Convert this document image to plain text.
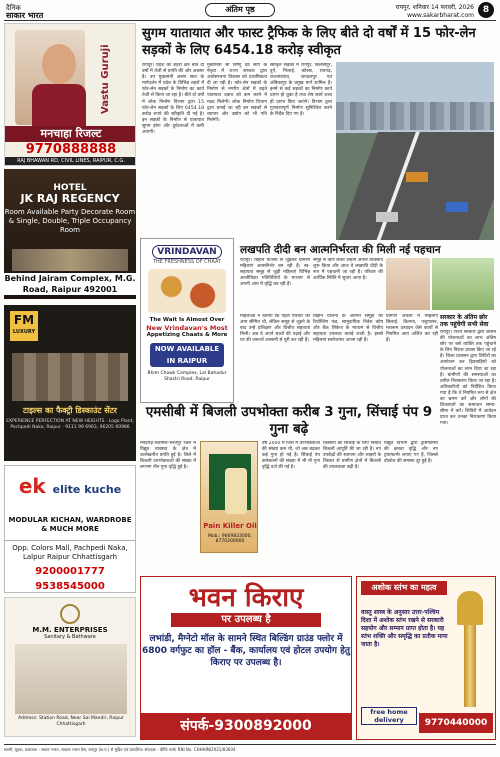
दैनिक
साकार भारत
अंतिम पृष्ठ	रायपुर, शनिवार 14 फरवरी, 2026
www.sakarbharat.com
8
Vastu Guruji
मनचाहा रिजल्ट
9770888888
RAJ BHAWAN RD, CIVIL LINES, RAIPUR, C.G.
HOTEL
JK RAJ REGENCY
Room Available Party Decorate Room & Single, Double, Triple Occupancy Room
Behind Jairam Complex, M.G. Road, Raipur 492001
FM
LUXURY
टाइल्स का फैक्ट्री डिस्काउंट सेंटर
EXPERIENCE PERFECTION AT NEW HEIGHTS · Logo Plant, Pachpedi Naka, Raipur · 9111 99 6963, 96205 60986
ek elite kuche
MODULAR KICHAN, WARDROBE & MUCH MORE
Opp. Colors Mall, Pachpedi Naka, Lalpur Raipur Chhattisgarh
9200001777
9538545000
M.M. ENTERPRISES
Sanitary & Bathware
Address: Station Road, Near Sai Mandir, Raipur Chhattisgarh
सुगम यातायात और फास्ट ट्रैफिक के लिए बीते दो वर्षों में 15 फोर-लेन सड़कों के लिए 6454.18 करोड़ स्वीकृत
रायपुर। प्रदेश का शहरी क्षेत्र बीते दो वर्षों में तेजी से प्रगति की ओर अग्रसर है। उप मुख्यमंत्री अरुण साव के मार्गदर्शन में प्रदेश के विभिन्न शहरों में फोर-लेन सड़कों के निर्माण का कार्य तेजी से किया जा रहा है। बीते दो वर्षों में लोक निर्माण विभाग द्वारा 15 फोर-लेन सड़कों के लिए 6454.18 करोड़ रुपये की स्वीकृति दी गई है। इन सड़कों के निर्माण से यातायात सुगम होगा और दुर्घटनाओं में कमी आएगी।
मुख्यमंत्री श्री विष्णु देव साय के नेतृत्व में राज्य सरकार द्वारा अधोसंरचना विकास को प्राथमिकता दी जा रही है। फोर-लेन सड़कों के निर्माण से नगरीय क्षेत्रों में बढ़ते यातायात दबाव को कम करने में मदद मिलेगी। लोक निर्माण विभाग द्वारा बनाई जा रही इन सड़कों से व्यापार और उद्योग को भी गति मिलेगी।
स्वीकृत सड़कों में रायपुर, बिलासपुर, दुर्ग, भिलाई, कोरबा, रायगढ़, राजनांदगांव, जगदलपुर एवं अंबिकापुर के प्रमुख मार्ग शामिल हैं। इनमें से कई सड़कों का निर्माण कार्य प्रारंभ हो चुका है तथा शेष कार्य जल्द ही प्रारंभ किए जाएंगे। विभाग द्वारा गुणवत्तापूर्ण निर्माण सुनिश्चित करने के निर्देश दिए गए हैं।
VRINDAVAN
THE FRESHNESS OF CHAAT
The Wait Is Almost Over
New Vrindavan's Most
Appetizing Chaats & More
NOW AVAILABLE IN RAIPUR
Bhim Chowk Complex, Lal Bahadur Shastri Road, Raipur
लखपति दीदी बन आत्मनिर्भरता की मिली नई पहचान
रायपुर। बिहान योजना से जुड़कर ग्रामीण महिलाएं आत्मनिर्भर बन रही हैं। स्व-सहायता समूह से जुड़ी महिलाएं विभिन्न आजीविका गतिविधियों के माध्यम से अपनी आय में वृद्धि कर रही हैं।
समूह से ऋण लेकर उन्होंने अपना व्यवसाय शुरू किया और आज वे लखपति दीदी के रूप में पहचानी जा रही हैं। परिवार की आर्थिक स्थिति में सुधार आया है।
महिलाओं ने बताया कि पहले परिवार की आय सीमित थी, लेकिन समूह से जुड़ने के बाद उन्हें प्रशिक्षण और वित्तीय सहायता मिली। अब वे अपने बच्चों की पढ़ाई और घर की जरूरतें आसानी से पूरी कर रही हैं।
बिहान योजना के अंतर्गत समूहों को रिवॉल्विंग फंड, सामुदायिक निवेश कोष और बैंक लिंकेज के माध्यम से वित्तीय सहायता उपलब्ध कराई जाती है। इससे महिलाएं स्वरोजगार अपना रही हैं।
ग्रामीण अंचलों में महिलाएं सिलाई, किराना, पशुपालन, मशरूम उत्पादन जैसे कार्यों से नियमित आय अर्जित कर रही हैं।
सरकार के अंतिम छोर तक पहुंचेगी सभी सेवा
रायपुर। राज्य सरकार द्वारा शासन की योजनाओं का लाभ अंतिम छोर पर बसे व्यक्ति तक पहुंचाने के लिए निरंतर प्रयास किए जा रहे हैं। जिला प्रशासन द्वारा शिविरों का आयोजन कर हितग्राहियों को योजनाओं का लाभ दिया जा रहा है। ग्रामीणों की समस्याओं का त्वरित निराकरण किया जा रहा है। अधिकारियों को निर्देशित किया गया है कि वे नियमित रूप से क्षेत्र का भ्रमण करें और लोगों की शिकायतों का समाधान समय-सीमा में करें। शिविरों में आवेदन प्राप्त कर उनका निराकरण किया गया।
एमसीबी में बिजली उपभोक्ता करीब 3 गुना, सिंचाई पंप 9 गुना बढ़े
मनेंद्रगढ़-चिरमिरी-भरतपुर जिले में विद्युत व्यवस्था के क्षेत्र में उल्लेखनीय प्रगति हुई है। जिले में बिजली उपभोक्ताओं की संख्या में लगभग तीन गुना वृद्धि हुई है।
Pain Killer Oil
Mob.: 9669833000, 8770200000
वर्ष 2000 में जिले में उपभोक्ताओं की संख्या कम थी, जो अब बढ़कर कई गुना हो गई है। सिंचाई पंप कनेक्शनों की संख्या में भी नौ गुना वृद्धि दर्ज की गई है।
किसानों को सिंचाई के लिए निर्बाध बिजली आपूर्ति की जा रही है। नए उपकेंद्रों की स्थापना और लाइनों के विस्तार से ग्रामीण क्षेत्रों में बिजली की उपलब्धता बढ़ी है।
विद्युत विभाग द्वारा ट्रांसफार्मरों की क्षमता वृद्धि और नए ट्रांसफार्मर लगाए गए हैं, जिससे वोल्टेज की समस्या दूर हुई है।
भवन किराए
पर उपलब्ध है
लभांडी, मैग्नेटो मॉल के सामने स्थित बिल्डिंग ग्राउंड फ्लोर में 6800 वर्गफुट का हॉल - बैंक, कार्यालय एवं होटल उपयोग हेतु किराए पर उपलब्ध है।
संपर्क-9300892000
अशोक स्तंभ का महत्व
वास्तु शास्त्र के अनुसार उत्तर-पश्चिम दिशा में अशोक स्तंभ रखने से सरकारी सहयोग और सम्मान प्राप्त होता है। यह स्तंभ शक्ति और समृद्धि का प्रतीक माना जाता है।
free home delivery	9770440000
स्वामी, मुद्रक, प्रकाशक - सकार भारत, साकार भारत प्रेस, रायपुर (छ.ग.) से मुद्रित एवं प्रकाशित। संपादक - दीप्ति शर्मा। RNI No. CHHHIN/2021/83604
